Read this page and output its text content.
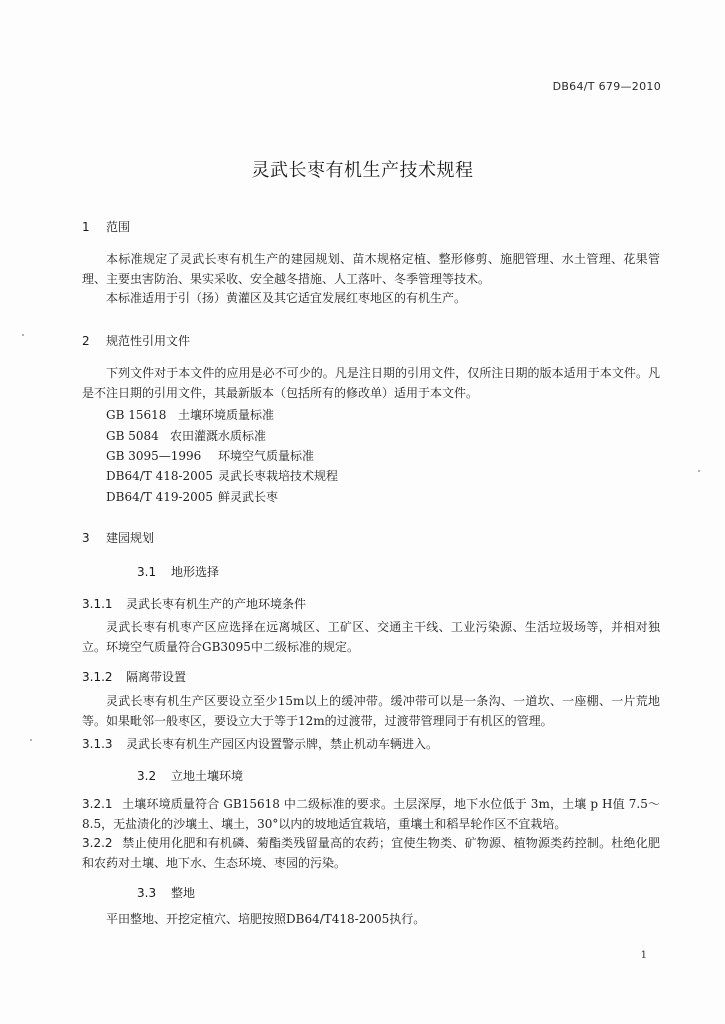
DB64/T 679—2010
灵武长枣有机生产技术规程
1 范围
本标准规定了灵武长枣有机生产的建园规划、苗木规格定植、整形修剪、施肥管理、水土管理、花果管理、主要虫害防治、果实采收、安全越冬措施、人工落叶、冬季管理等技术。
本标准适用于引（扬）黄灌区及其它适宜发展红枣地区的有机生产。
2 规范性引用文件
下列文件对于本文件的应用是必不可少的。凡是注日期的引用文件，仅所注日期的版本适用于本文件。凡是不注日期的引用文件，其最新版本（包括所有的修改单）适用于本文件。
GB 15618 土壤环境质量标准
GB 5084 农田灌溉水质标准
GB 3095—1996 环境空气质量标准
DB64/T 418-2005 灵武长枣栽培技术规程
DB64/T 419-2005 鲜灵武长枣
3 建园规划
3.1 地形选择
3.1.1 灵武长枣有机生产的产地环境条件
灵武长枣有机枣产区应选择在远离城区、工矿区、交通主干线、工业污染源、生活垃圾场等，并相对独立。环境空气质量符合GB3095中二级标准的规定。
3.1.2 隔离带设置
灵武长枣有机生产区要设立至少15m以上的缓冲带。缓冲带可以是一条沟、一道坎、一座棚、一片荒地等。如果毗邻一般枣区，要设立大于等于12m的过渡带，过渡带管理同于有机区的管理。
3.1.3 灵武长枣有机生产园区内设置警示牌，禁止机动车辆进入。
3.2 立地土壤环境
3.2.1 土壤环境质量符合 GB15618 中二级标准的要求。土层深厚，地下水位低于 3m，土壤 p H值 7.5～8.5，无盐渍化的沙壤土、壤土，30°以内的坡地适宜栽培，重壤土和稻旱轮作区不宜栽培。
3.2.2 禁止使用化肥和有机磷、菊酯类残留量高的农药；宜使生物类、矿物源、植物源类药控制。杜绝化肥和农药对土壤、地下水、生态环境、枣园的污染。
3.3 整地
平田整地、开挖定植穴、培肥按照DB64/T418-2005执行。
1
